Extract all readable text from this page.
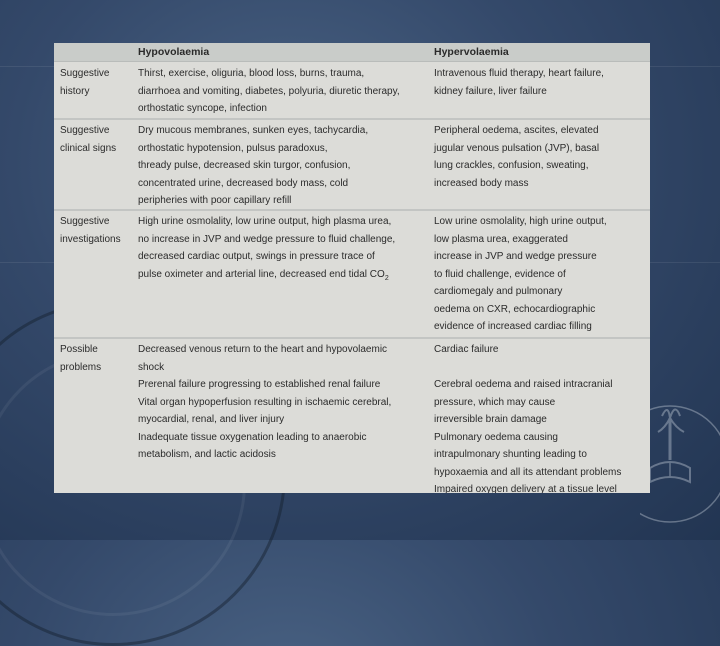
Hypovolaemia	Hypervolaemia
Suggestive
history
Thirst, exercise, oliguria, blood loss, burns, trauma,
diarrhoea and vomiting, diabetes, polyuria, diuretic therapy,
orthostatic syncope, infection
Intravenous fluid therapy, heart failure,
kidney failure, liver failure
Suggestive
clinical signs
Dry mucous membranes, sunken eyes, tachycardia,
orthostatic hypotension, pulsus paradoxus,
thready pulse, decreased skin turgor, confusion,
concentrated urine, decreased body mass, cold
peripheries with poor capillary refill
Peripheral oedema, ascites, elevated
jugular venous pulsation (JVP), basal
lung crackles, confusion, sweating,
increased body mass
Suggestive
investigations
High urine osmolality, low urine output, high plasma urea,
no increase in JVP and wedge pressure to fluid challenge,
decreased cardiac output, swings in pressure trace of
pulse oximeter and arterial line, decreased end tidal $CO_2$
Low urine osmolality, high urine output,
low plasma urea, exaggerated
increase in JVP and wedge pressure
to fluid challenge, evidence of
cardiomegaly and pulmonary
oedema on CXR, echocardiographic
evidence of increased cardiac filling
Possible
problems
Decreased venous return to the heart and hypovolaemic
shock
Prerenal failure progressing to established renal failure
Vital organ hypoperfusion resulting in ischaemic cerebral,
myocardial, renal, and liver injury
Inadequate tissue oxygenation leading to anaerobic
metabolism, and lactic acidosis
Cardiac failure
Cerebral oedema and raised intracranial
pressure, which may cause
irreversible brain damage
Pulmonary oedema causing
intrapulmonary shunting leading to
hypoxaemia and all its attendant problems
Impaired oxygen delivery at a tissue level
